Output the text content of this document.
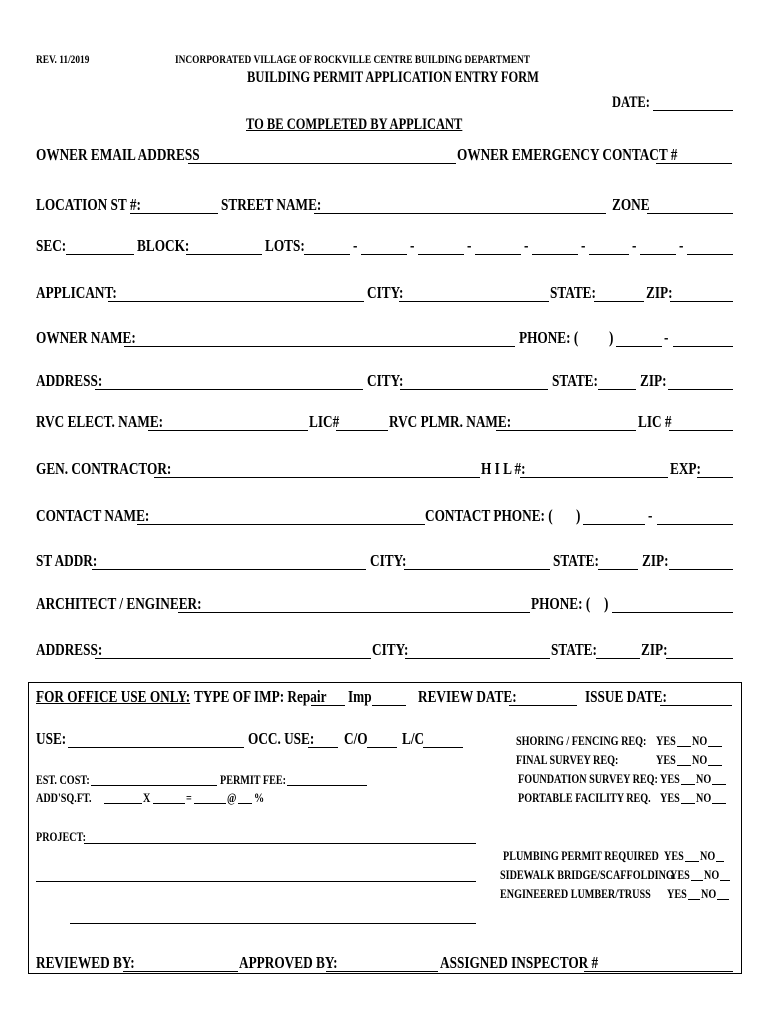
REV. 11/2019	INCORPORATED VILLAGE OF ROCKVILLE CENTRE BUILDING DEPARTMENT
BUILDING PERMIT APPLICATION ENTRY FORM
DATE:
TO BE COMPLETED BY APPLICANT
OWNER EMAIL ADDRESS	OWNER EMERGENCY CONTACT #
LOCATION ST #:	STREET NAME:	ZONE
SEC:	BLOCK:	LOTS:	-	-	-	-	-	-	-
APPLICANT:	CITY:	STATE:	ZIP:
OWNER NAME:	PHONE: ( )	-
ADDRESS:	CITY:	STATE: ZIP:
RVC ELECT. NAME:	LIC#	RVC PLMR. NAME:	LIC #
GEN. CONTRACTOR:	H I L #:	EXP:
CONTACT NAME:	CONTACT PHONE: ( )	-
ST ADDR:	CITY:	STATE:	ZIP:
ARCHITECT / ENGINEER:	PHONE: ( )
ADDRESS:	CITY:	STATE:	ZIP:
FOR OFFICE USE ONLY: TYPE OF IMP: Repair Imp	REVIEW DATE:	ISSUE DATE:
USE:	OCC. USE: C/O L/C	SHORING / FENCING REQ: YES NO
FINAL SURVEY REQ:	YES NO
FOUNDATION SURVEY REQ: YES NO
PORTABLE FACILITY REQ. YES NO
EST. COST:	PERMIT FEE:
ADD'SQ.FT.	X	=	@ %
PROJECT:
PLUMBING PERMIT REQUIRED YES NO
SIDEWALK BRIDGE/SCAFFOLDING
YES NO
ENGINEERED LUMBER/TRUSS YES NO
REVIEWED BY:	APPROVED BY:	ASSIGNED INSPECTOR #
